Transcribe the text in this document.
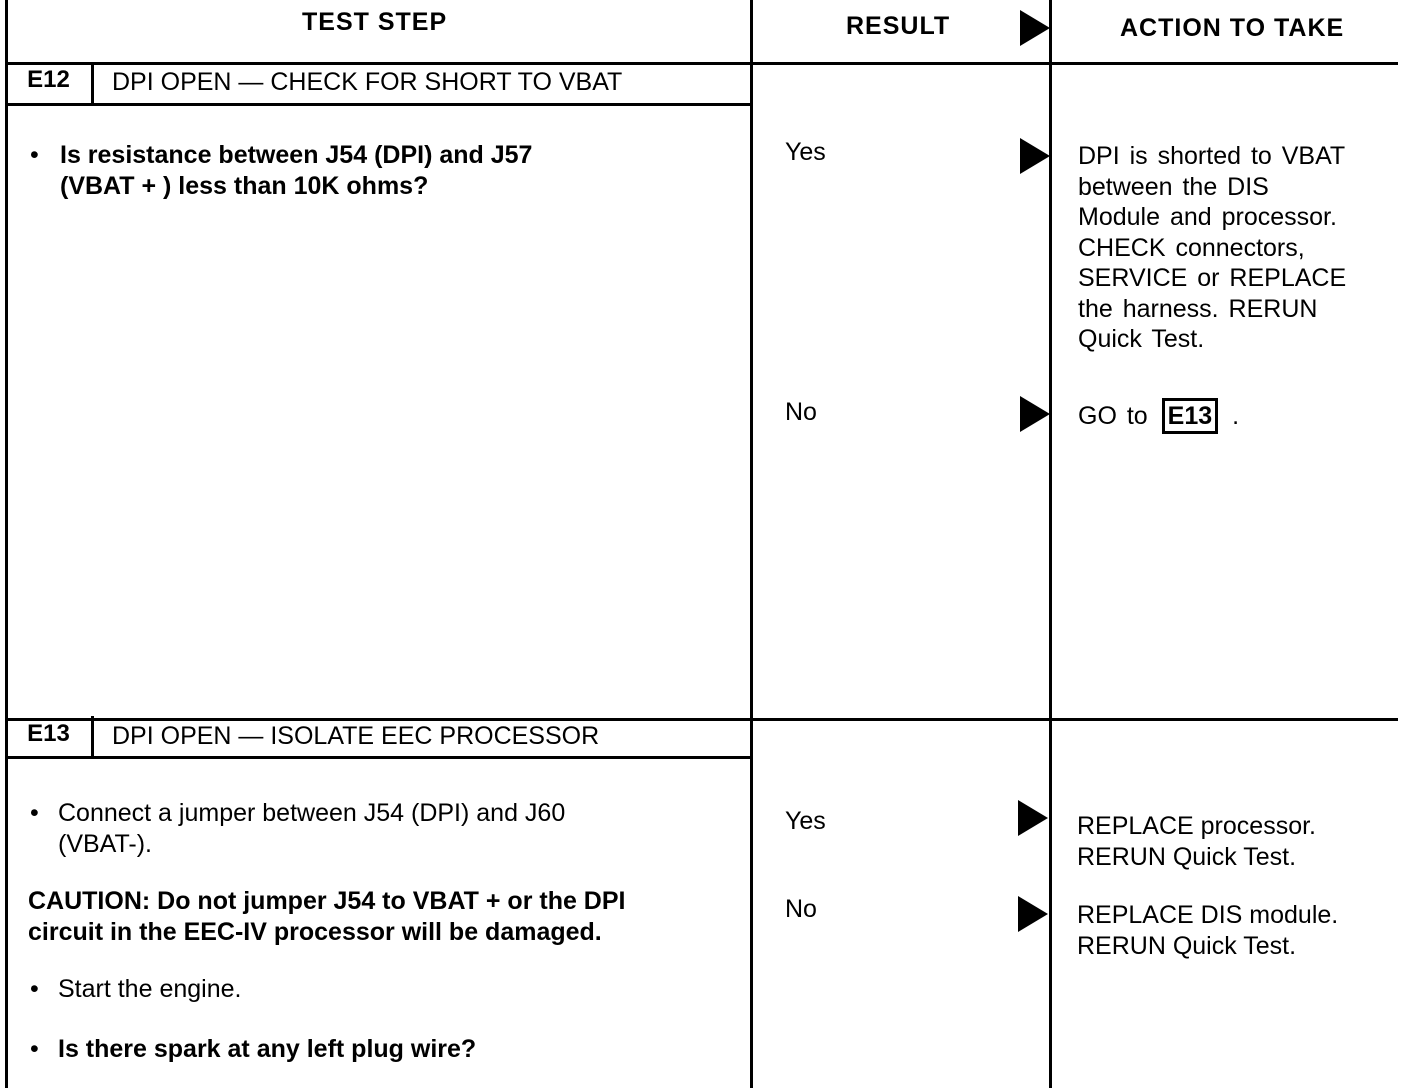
TEST STEP	RESULT	ACTION TO TAKE
E12	DPI OPEN — CHECK FOR SHORT TO VBAT
• Is resistance between J54 (DPI) and J57
(VBAT + ) less than 10K ohms?
Yes	DPI is shorted to VBAT
between the DIS
Module and processor.
CHECK connectors,
SERVICE or REPLACE
the harness. RERUN
Quick Test.
No	GO to E13 .
E13	DPI OPEN — ISOLATE EEC PROCESSOR
• Connect a jumper between J54 (DPI) and J60
(VBAT-).
CAUTION: Do not jumper J54 to VBAT + or the DPI
circuit in the EEC-IV processor will be damaged.
• Start the engine.
• Is there spark at any left plug wire?
Yes	REPLACE processor.
RERUN Quick Test.
No	REPLACE DIS module.
RERUN Quick Test.
